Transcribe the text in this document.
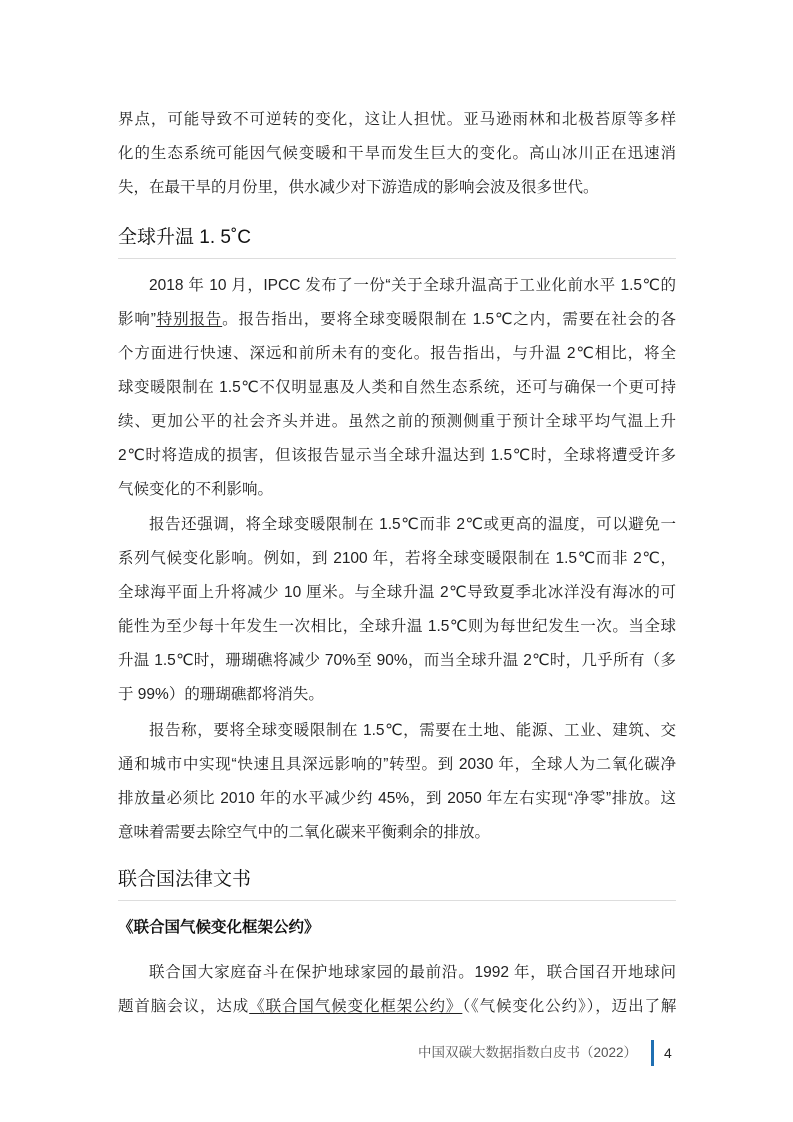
界点，可能导致不可逆转的变化，这让人担忧。亚马逊雨林和北极苔原等多样
化的生态系统可能因气候变暖和干旱而发生巨大的变化。高山冰川正在迅速消
失，在最干旱的月份里，供水减少对下游造成的影响会波及很多世代。
全球升温 1. 5˚C
2018 年 10 月，IPCC 发布了一份“关于全球升温高于工业化前水平 1.5℃的
影响”特别报告。报告指出，要将全球变暖限制在 1.5℃之内，需要在社会的各
个方面进行快速、深远和前所未有的变化。报告指出，与升温 2℃相比，将全
球变暖限制在 1.5℃不仅明显惠及人类和自然生态系统，还可与确保一个更可持
续、更加公平的社会齐头并进。虽然之前的预测侧重于预计全球平均气温上升
2℃时将造成的损害，但该报告显示当全球升温达到 1.5℃时，全球将遭受许多
气候变化的不利影响。
报告还强调，将全球变暖限制在 1.5℃而非 2℃或更高的温度，可以避免一
系列气候变化影响。例如，到 2100 年，若将全球变暖限制在 1.5℃而非 2℃，
全球海平面上升将减少 10 厘米。与全球升温 2℃导致夏季北冰洋没有海冰的可
能性为至少每十年发生一次相比，全球升温 1.5℃则为每世纪发生一次。当全球
升温 1.5℃时，珊瑚礁将减少 70%至 90%，而当全球升温 2℃时，几乎所有（多
于 99%）的珊瑚礁都将消失。
报告称，要将全球变暖限制在 1.5℃，需要在土地、能源、工业、建筑、交
通和城市中实现“快速且具深远影响的”转型。到 2030 年，全球人为二氧化碳净
排放量必须比 2010 年的水平减少约 45%，到 2050 年左右实现“净零”排放。这
意味着需要去除空气中的二氧化碳来平衡剩余的排放。
联合国法律文书
《联合国气候变化框架公约》
联合国大家庭奋斗在保护地球家园的最前沿。1992 年，联合国召开地球问
题首脑会议，达成《联合国气候变化框架公约》（《气候变化公约》），迈出了解
中国双碳大数据指数白皮书（2022） 4
